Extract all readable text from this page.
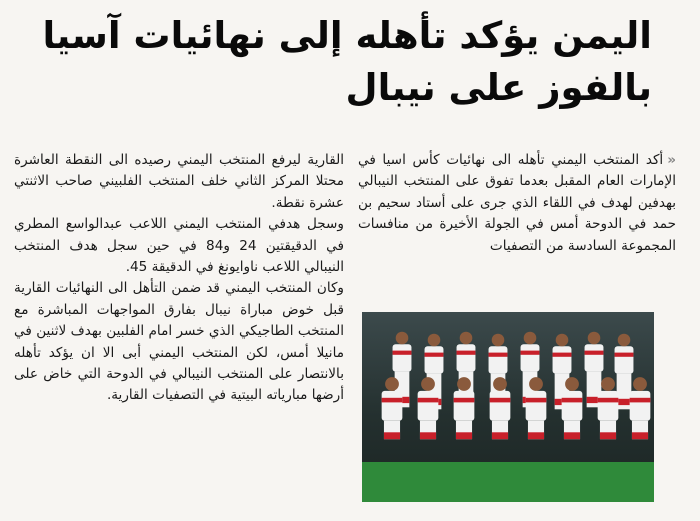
اليمن يؤكد تأهله إلى نهائيات آسيا بالفوز على نيبال

«أكد المنتخب اليمني تأهله الى نهائيات كأس اسيا في الإمارات العام المقبل بعدما تفوق على المنتخب النيبالي بهدفين لهدف في اللقاء الذي جرى على أستاد سحيم بن حمد في الدوحة أمس في الجولة الأخيرة من منافسات المجموعة السادسة من التصفيات

القارية ليرفع المنتخب اليمني رصيده الى النقطة العاشرة محتلا المركز الثاني خلف المنتخب الفلبيني صاحب الاثنتي عشرة نقطة.

وسجل هدفي المنتخب اليمني اللاعب عبدالواسع المطري في الدقيقتين 24 و84 في حين سجل هدف المنتخب النيبالي اللاعب ناوايونغ في الدقيقة 45.

وكان المنتخب اليمني قد ضمن التأهل الى النهائيات القارية قبل خوض مباراة نيبال بفارق المواجهات المباشرة مع المنتخب الطاجيكي الذي خسر امام الفلبين بهدف لاثنين في مانيلا أمس، لكن المنتخب اليمني أبى الا ان يؤكد تأهله بالانتصار على المنتخب النيبالي في الدوحة التي خاض على أرضها مبارياته البيتية في التصفيات القارية.
